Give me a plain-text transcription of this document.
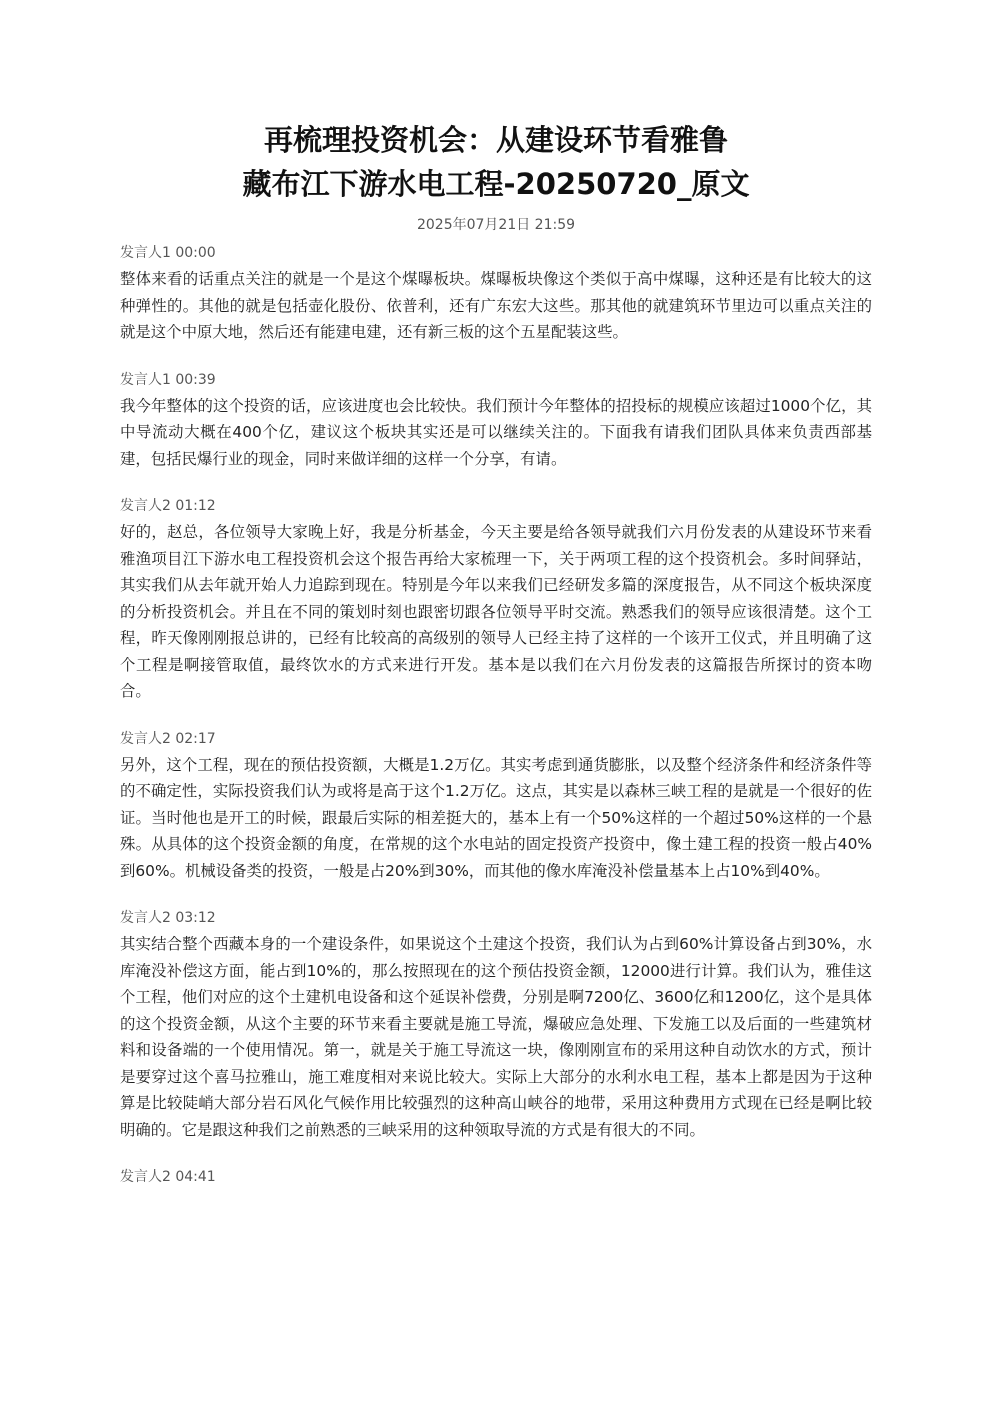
再梳理投资机会：从建设环节看雅鲁
藏布江下游水电工程-20250720_原文
2025年07月21日 21:59
发言人1 00:00

整体来看的话重点关注的就是一个是这个煤曝板块。煤曝板块像这个类似于高中煤曝，这种还是有比较大的这种弹性的。其他的就是包括壶化股份、依普利，还有广东宏大这些。那其他的就建筑环节里边可以重点关注的就是这个中原大地，然后还有能建电建，还有新三板的这个五星配装这些。

发言人1 00:39

我今年整体的这个投资的话，应该进度也会比较快。我们预计今年整体的招投标的规模应该超过1000个亿，其中导流动大概在400个亿，建议这个板块其实还是可以继续关注的。下面我有请我们团队具体来负责西部基建，包括民爆行业的现金，同时来做详细的这样一个分享，有请。

发言人2 01:12

好的，赵总，各位领导大家晚上好，我是分析基金，今天主要是给各领导就我们六月份发表的从建设环节来看雅渔项目江下游水电工程投资机会这个报告再给大家梳理一下，关于两项工程的这个投资机会。多时间驿站，其实我们从去年就开始人力追踪到现在。特别是今年以来我们已经研发多篇的深度报告，从不同这个板块深度的分析投资机会。并且在不同的策划时刻也跟密切跟各位领导平时交流。熟悉我们的领导应该很清楚。这个工程，昨天像刚刚报总讲的，已经有比较高的高级别的领导人已经主持了这样的一个该开工仪式，并且明确了这个工程是啊接管取值，最终饮水的方式来进行开发。基本是以我们在六月份发表的这篇报告所探讨的资本吻合。

发言人2 02:17

另外，这个工程，现在的预估投资额，大概是1.2万亿。其实考虑到通货膨胀，以及整个经济条件和经济条件等的不确定性，实际投资我们认为或将是高于这个1.2万亿。这点，其实是以森林三峡工程的是就是一个很好的佐证。当时他也是开工的时候，跟最后实际的相差挺大的，基本上有一个50%这样的一个超过50%这样的一个悬殊。从具体的这个投资金额的角度，在常规的这个水电站的固定投资产投资中，像土建工程的投资一般占40%到60%。机械设备类的投资，一般是占20%到30%，而其他的像水库淹没补偿量基本上占10%到40%。

发言人2 03:12

其实结合整个西藏本身的一个建设条件，如果说这个土建这个投资，我们认为占到60%计算设备占到30%，水库淹没补偿这方面，能占到10%的，那么按照现在的这个预估投资金额，12000进行计算。我们认为，雅佳这个工程，他们对应的这个土建机电设备和这个延误补偿费，分别是啊7200亿、3600亿和1200亿，这个是具体的这个投资金额，从这个主要的环节来看主要就是施工导流，爆破应急处理、下发施工以及后面的一些建筑材料和设备端的一个使用情况。第一，就是关于施工导流这一块，像刚刚宣布的采用这种自动饮水的方式，预计是要穿过这个喜马拉雅山，施工难度相对来说比较大。实际上大部分的水利水电工程，基本上都是因为于这种算是比较陡峭大部分岩石风化气候作用比较强烈的这种高山峡谷的地带，采用这种费用方式现在已经是啊比较明确的。它是跟这种我们之前熟悉的三峡采用的这种领取导流的方式是有很大的不同。

发言人2 04:41
